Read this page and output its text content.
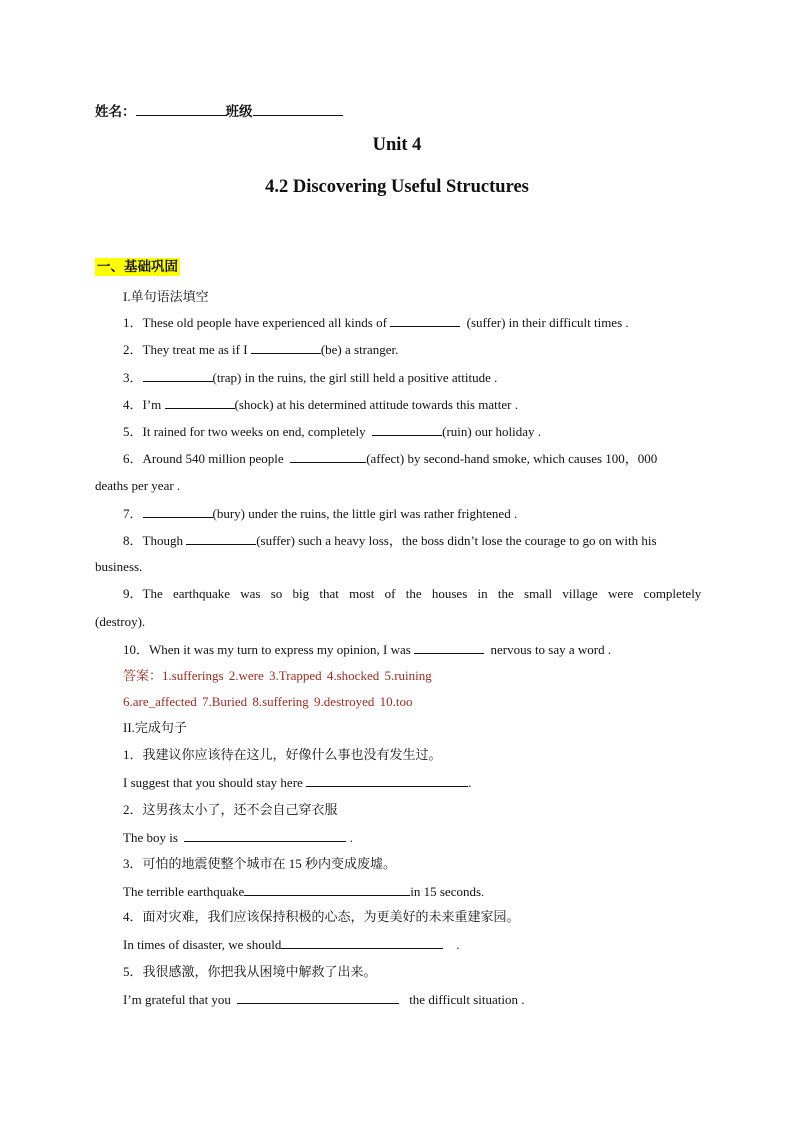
姓名：	班级
Unit 4
4.2 Discovering Useful Structures
一、基础巩固
I.单句语法填空
1．These old people have experienced all kinds of	(suffer) in their difficult times .
2．They treat me as if I	(be) a stranger.
3．	(trap) in the ruins, the girl still held a positive attitude .
4．I’m	(shock) at his determined attitude towards this matter .
5．It rained for two weeks on end, completely	(ruin) our holiday .
6．Around 540 million people	(affect) by second-hand smoke, which causes 100，000
deaths per year .
7．	(bury) under the ruins, the little girl was rather frightened .
8．Though	(suffer) such a heavy loss，the boss didn’t lose the courage to go on with his
business.
9．The earthquake was so big that most of the houses in the small village were completely
(destroy).
10．When it was my turn to express my opinion, I was	nervous to say a word .
答案：1.sufferings 2.were 3.Trapped 4.shocked 5.ruining
6.are_affected 7.Buried 8.suffering 9.destroyed 10.too
II.完成句子
1．我建议你应该待在这儿，好像什么事也没有发生过。
I suggest that you should stay here	.
2．这男孩太小了，还不会自己穿衣服
The boy is	.
3．可怕的地震使整个城市在 15 秒内变成废墟。
The terrible earthquake	in 15 seconds.
4．面对灾难，我们应该保持积极的心态，为更美好的未来重建家园。
In times of disaster, we should	.
5．我很感激，你把我从困境中解救了出来。
I’m grateful that you	the difficult situation .
